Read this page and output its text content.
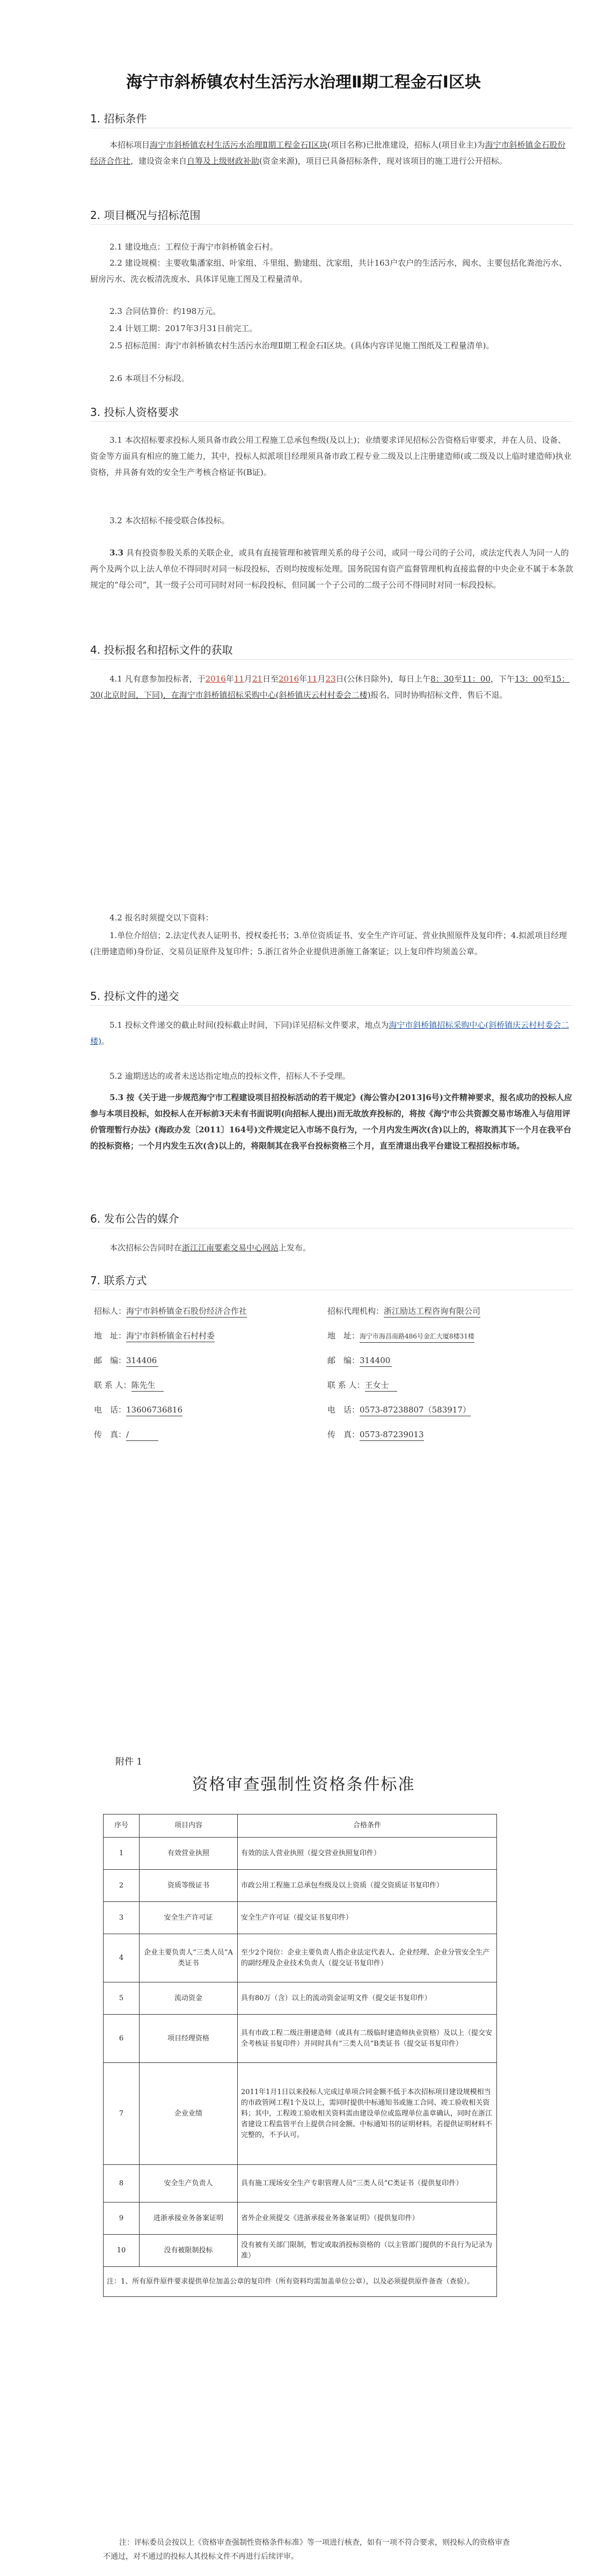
海宁市斜桥镇农村生活污水治理Ⅱ期工程金石Ⅰ区块
1. 招标条件
本招标项目海宁市斜桥镇农村生活污水治理Ⅱ期工程金石Ⅰ区块(项目名称)已批准建设，招标人(项目业主)为海宁市斜桥镇金石股份经济合作社，建设资金来自自筹及上级财政补助(资金来源)，项目已具备招标条件，现对该项目的施工进行公开招标。
2. 项目概况与招标范围
2.1 建设地点：工程位于海宁市斜桥镇金石村。
2.2 建设规模：主要收集潘家组、叶家组、斗里组、勤建组、沈家组，共计163户农户的生活污水，阀水、主要包括化粪池污水、厨房污水、洗衣板清洗废水、具体详见施工图及工程量清单。
2.3 合同估算价：约198万元。
2.4 计划工期：2017年3月31日前完工。
2.5 招标范围：海宁市斜桥镇农村生活污水治理Ⅱ期工程金石Ⅰ区块。(具体内容详见施工图纸及工程量清单)。
2.6 本项目不分标段。
3. 投标人资格要求
3.1 本次招标要求投标人须具备市政公用工程施工总承包叁级(及以上)；业绩要求详见招标公告资格后审要求，并在人员、设备、资金等方面具有相应的施工能力，其中，投标人拟派项目经理须具备市政工程专业二级及以上注册建造师(或二级及以上临时建造师)执业资格，并具备有效的安全生产考核合格证书(B证)。
3.2 本次招标不接受联合体投标。
3.3 具有投资参股关系的关联企业，或具有直接管理和被管理关系的母子公司，或同一母公司的子公司，或法定代表人为同一人的两个及两个以上法人单位不得同时对同一标段投标，否则均按废标处理。国务院国有资产监督管理机构直接监督的中央企业不属于本条款规定的“母公司”，其一级子公司可同时对同一标段投标，但同属一个子公司的二级子公司不得同时对同一标段投标。
4. 投标报名和招标文件的获取
4.1 凡有意参加投标者，于2016年11月21日至2016年11月23日(公休日除外)，每日上午8：30至11：00，下午13：00至15：30(北京时间，下同)，在海宁市斜桥镇招标采购中心(斜桥镇庆云村村委会二楼)报名，同时协购招标文件，售后不退。
4.2 报名时须提交以下资料：
1.单位介绍信；2.法定代表人证明书、授权委托书；3.单位资质证书、安全生产许可证、营业执照原件及复印件；4.拟派项目经理(注册建造师)身份证、交易员证原件及复印件；5.浙江省外企业提供进浙施工备案证；以上复印件均须盖公章。
5. 投标文件的递交
5.1 投标文件递交的截止时间(投标截止时间，下同)详见招标文件要求，地点为海宁市斜桥镇招标采购中心(斜桥镇庆云村村委会二楼)。
5.2 逾期送达的或者未送达指定地点的投标文件，招标人不予受理。
5.3 按《关于进一步规范海宁市工程建设项目招投标活动的若干规定》(海公管办[2013]6号)文件精神要求，报名成功的投标人应参与本项目投标，如投标人在开标前3天未有书面说明(向招标人提出)而无故放弃投标的，将按《海宁市公共资源交易市场准入与信用评价管理暂行办法》(海政办发〔2011〕164号)文件规定记入市场不良行为，一个月内发生两次(含)以上的，将取消其下一个月在我平台的投标资格；一个月内发生五次(含)以上的，将限制其在我平台投标资格三个月，直至清退出我平台建设工程招投标市场。
6. 发布公告的媒介
本次招标公告同时在浙江江南要素交易中心网站上发布。
7. 联系方式
招标人：海宁市斜桥镇金石股份经济合作社
地　址：海宁市斜桥镇金石村村委
邮　编：314406
联 系 人：陈先生
电　话：13606736816
传　真：/
招标代理机构：浙江励达工程咨询有限公司
地　址：海宁市海昌南路486号金汇大厦8楼31楼
邮　编：314400
联 系 人：王女士
电　话：0573-87238807（583917）
传　真：0573-87239013
附件 1
资格审查强制性资格条件标准
序号	项目内容	合格条件
1	有效营业执照	有效的法人营业执照（提交营业执照复印件）
2	资质等级证书	市政公用工程施工总承包叁级及以上资质（提交资质证书复印件）
3	安全生产许可证	安全生产许可证（提交证书复印件）
4	企业主要负责人“三类人员”A类证书	至少2个岗位：企业主要负责人指企业法定代表人、企业经理、企业分管安全生产的副经理及企业技术负责人（提交证书复印件）
5	流动资金	具有80万（含）以上的流动资金证明文件（提交证书复印件）
6	项目经理资格	具有市政工程二级注册建造师（或具有二级临时建造师执业资格）及以上（提交安全考核证书复印件）并同时具有“三类人员”B类证书（提交证书复印件）
7	企业业绩	2011年1月1日以来投标人完成过单项合同金额不低于本次招标项目建设规模相当的市政管网工程1个及以上，需同时提供中标通知书或施工合同、竣工验收相关资料；其中，工程竣工验收相关资料需由建设单位或监理单位盖章确认，同时在浙江省建设工程监管平台上提供合同金额、中标通知书的证明材料。若提供证明材料不完整的，不予认可。
8	安全生产负责人	具有施工现场安全生产专职管理人员“三类人员”C类证书（提供复印件）
9	进浙承接业务备案证明	省外企业须提交《进浙承接业务备案证明》（提供复印件）
10	没有被限制投标	没有被有关部门限制，暂定或取消投标资格的（以主管部门提供的不良行为记录为准）
注：1、所有原件原件要求提供单位加盖公章的复印件（所有资料均需加盖单位公章），以及必须提供原件备查（查验）。		
注：评标委员会按以上《资格审查强制性资格条件标准》等一项进行核查，如有一项不符合要求，则投标人的资格审查不通过，对不通过的投标人其投标文件不再进行后续评审。
